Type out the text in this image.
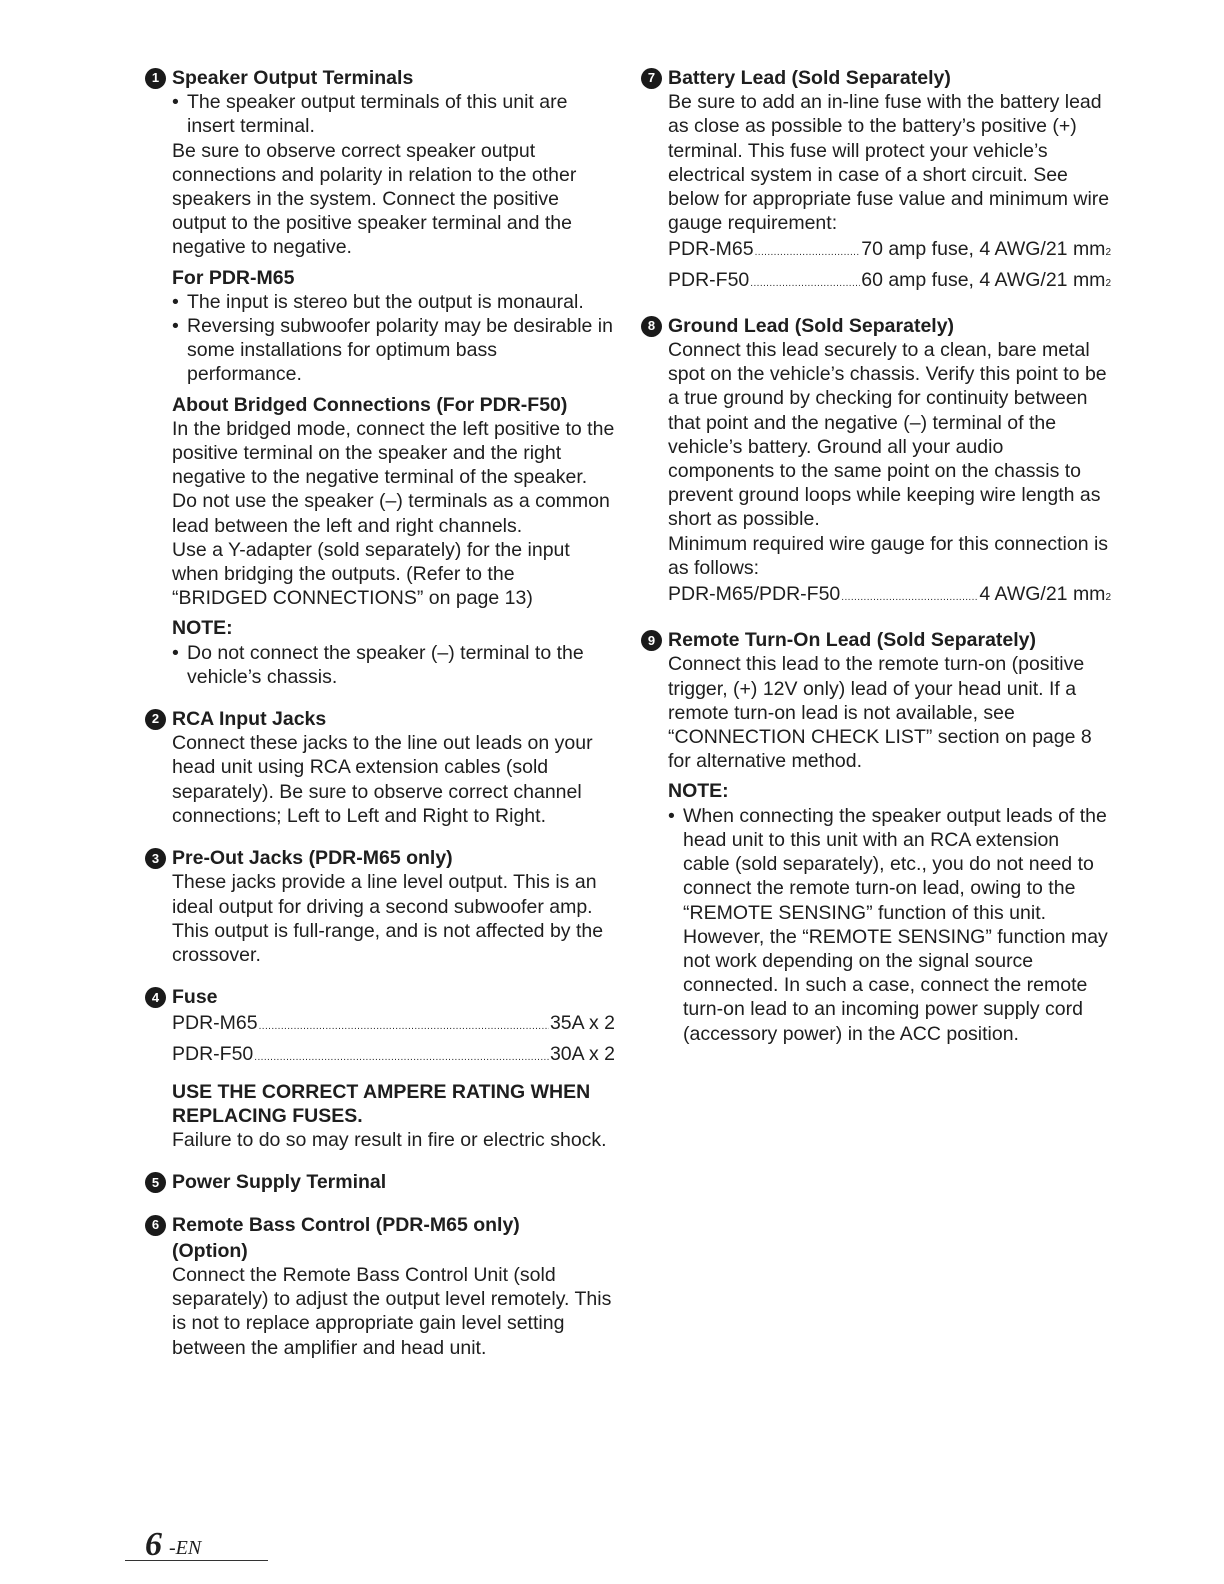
1 Speaker Output Terminals
• The speaker output terminals of this unit are insert terminal.

Be sure to observe correct speaker output connections and polarity in relation to the other speakers in the system. Connect the positive output to the positive speaker terminal and the negative to negative.

For PDR-M65
• The input is stereo but the output is monaural.
• Reversing subwoofer polarity may be desirable in some installations for optimum bass performance.
About Bridged Connections (For PDR-F50)

In the bridged mode, connect the left positive to the positive terminal on the speaker and the right negative to the negative terminal of the speaker. Do not use the speaker (–) terminals as a common lead between the left and right channels.

Use a Y-adapter (sold separately) for the input when bridging the outputs. (Refer to the “BRIDGED CONNECTIONS” on page 13)

NOTE:
• Do not connect the speaker (–) terminal to the vehicle’s chassis.
2 RCA Input Jacks

Connect these jacks to the line out leads on your head unit using RCA extension cables (sold separately). Be sure to observe correct channel connections; Left to Left and Right to Right.

3 Pre-Out Jacks (PDR-M65 only)

These jacks provide a line level output. This is an ideal output for driving a second subwoofer amp. This output is full-range, and is not affected by the crossover.

4 Fuse
PDR-M65 .....	35A x 2
PDR-F50 .....	30A x 2
USE THE CORRECT AMPERE RATING WHEN REPLACING FUSES.

Failure to do so may result in fire or electric shock.

5 Power Supply Terminal
6 Remote Bass Control (PDR-M65 only)
(Option)

Connect the Remote Bass Control Unit (sold separately) to adjust the output level remotely. This is not to replace appropriate gain level setting between the amplifier and head unit.

7 Battery Lead (Sold Separately)

Be sure to add an in-line fuse with the battery lead as close as possible to the battery’s positive (+) terminal. This fuse will protect your vehicle’s electrical system in case of a short circuit. See below for appropriate fuse value and minimum wire gauge requirement:

PDR-M65 .....	70 amp fuse, 4 AWG/21 mm 2
PDR-F50 .....	60 amp fuse, 4 AWG/21 mm 2
8 Ground Lead (Sold Separately)

Connect this lead securely to a clean, bare metal spot on the vehicle’s chassis. Verify this point to be a true ground by checking for continuity between that point and the negative (–) terminal of the vehicle’s battery. Ground all your audio components to the same point on the chassis to prevent ground loops while keeping wire length as short as possible.

Minimum required wire gauge for this connection is as follows:

PDR-M65/PDR-F50 .....	4 AWG/21 mm 2
9 Remote Turn-On Lead (Sold Separately)

Connect this lead to the remote turn-on (positive trigger, (+) 12V only) lead of your head unit. If a remote turn-on lead is not available, see “CONNECTION CHECK LIST” section on page 8 for alternative method.

NOTE:
• When connecting the speaker output leads of the head unit to this unit with an RCA extension cable (sold separately), etc., you do not need to connect the remote turn-on lead, owing to the “REMOTE SENSING” function of this unit. However, the “REMOTE SENSING” function may not work depending on the signal source connected. In such a case, connect the remote turn-on lead to an incoming power supply cord (accessory power) in the ACC position.
6 -EN
